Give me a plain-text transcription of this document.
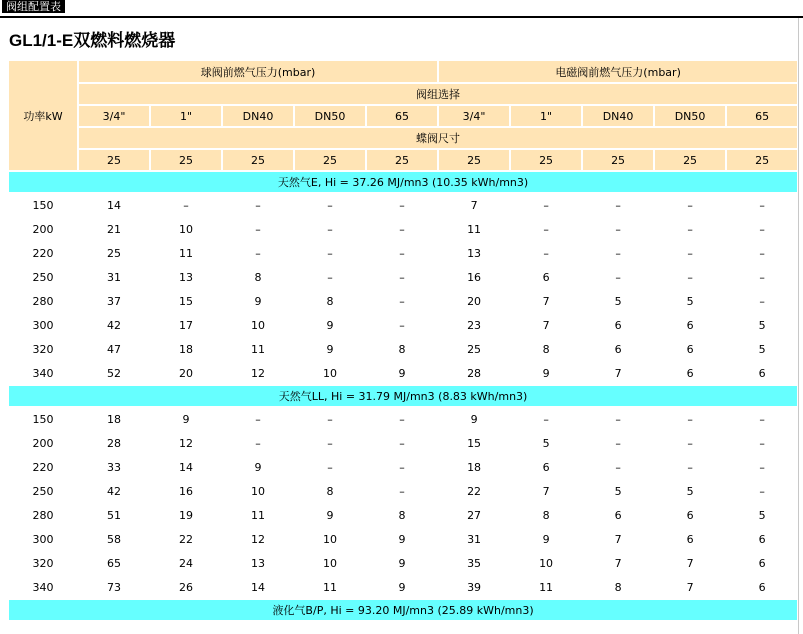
阀组配置表
GL1/1-E双燃料燃烧器
功率kW	球阀前燃气压力(mbar)					电磁阀前燃气压力(mbar)				
	阀组选择									
	3/4"	1"	DN40	DN50	65	3/4"	1"	DN40	DN50	65
	蝶阀尺寸									
	25	25	25	25	25	25	25	25	25	25
天然气E, Hi = 37.26 MJ/mn3 (10.35 kWh/mn3)										
150	14	–	–	–	–	7	–	–	–	–
200	21	10	–	–	–	11	–	–	–	–
220	25	11	–	–	–	13	–	–	–	–
250	31	13	8	–	–	16	6	–	–	–
280	37	15	9	8	–	20	7	5	5	–
300	42	17	10	9	–	23	7	6	6	5
320	47	18	11	9	8	25	8	6	6	5
340	52	20	12	10	9	28	9	7	6	6
天然气LL, Hi = 31.79 MJ/mn3 (8.83 kWh/mn3)										
150	18	9	–	–	–	9	–	–	–	–
200	28	12	–	–	–	15	5	–	–	–
220	33	14	9	–	–	18	6	–	–	–
250	42	16	10	8	–	22	7	5	5	–
280	51	19	11	9	8	27	8	6	6	5
300	58	22	12	10	9	31	9	7	6	6
320	65	24	13	10	9	35	10	7	7	6
340	73	26	14	11	9	39	11	8	7	6
液化气B/P, Hi = 93.20 MJ/mn3 (25.89 kWh/mn3)										
